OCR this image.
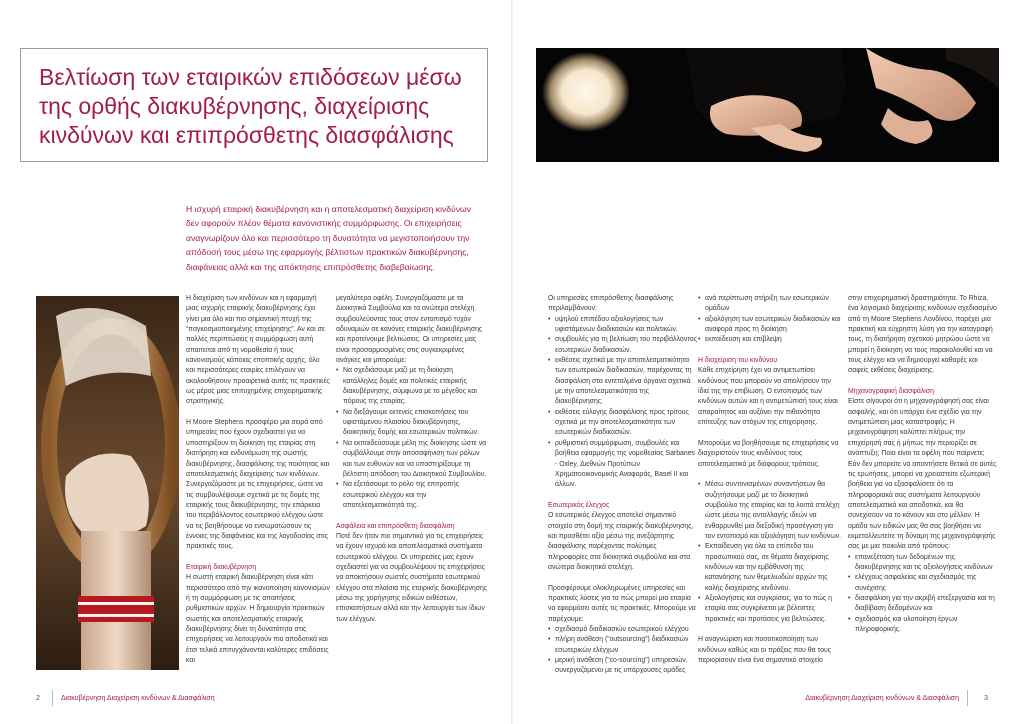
Βελτίωση των εταιρικών επιδόσεων μέσω της ορθής διακυβέρνησης, διαχείρισης κινδύνων και επιπρόσθετης διασφάλισης
Η ισχυρή εταιρική διακυβέρνηση και η αποτελεσματική διαχείριση κινδύνων δεν αφορούν πλέον θέματα κανονιστικής συμμόρφωσης. Οι επιχειρήσεις αναγνωρίζουν όλο και περισσότερο τη δυνατότητα να μεγιστοποιήσουν την απόδοσή τους μέσω της εφαρμογής βέλτιστων πρακτικών διακυβέρνησης, διαφάνειας αλλά και της απόκτησης επιπρόσθετης διαβεβαίωσης.

Η διαχείριση των κινδύνων και η εφαρμογή μιας ισχυρής εταιρικής διακυβέρνησης έχει γίνει μια όλο και πιο σημαντική πτυχή της “παγκοσμιοποιημένης επιχείρησης”. Αν και σε πολλές περιπτώσεις η συμμόρφωση αυτή απαιτείται από τη νομοθεσία ή τους κανονισμούς κάποιας εποπτικής αρχής, όλο και περισσότερες εταιρίες επιλέγουν να ακολουθήσουν προαιρετικά αυτές τις πρακτικές ως μέρος μιας επιτυχημένης επιχειρηματικής στρατηγικής.

Η Moore Stephens προσφέρει μια σειρά από υπηρεσίες που έχουν σχεδιαστεί για να υποστηρίξουν τη διοίκηση της εταιρίας στη διατήρηση και ενδυνάμωση της σωστής διακυβέρνησης, διασφάλισης της ποιότητας και αποτελεσματικής διαχείρισης των κινδύνων. Συνεργαζόμαστε με τις επιχειρήσεις, ώστε να τις συμβουλέψουμε σχετικά με τις δομές της εταιρικής τους διακυβέρνησης, την επάρκεια του περιβάλλοντος εσωτερικού ελέγχου ώστε να τις βοηθήσουμε να ενσωματώσουν τις έννοιες της διαφάνειας και της λογοδοσίας στις πρακτικές τους.

Εταιρική διακυβέρνηση

Η σωστή εταιρική διακυβέρνηση είναι κάτι περισσότερο από την ικανοποίηση κανονισμών ή τη συμμόρφωση με τις απαιτήσεις ρυθμιστικών αρχών. Η δημιουργία πρακτικών σωστής και αποτελεσματικής εταιρικής διακυβέρνησης δίνει τη δυνατότητα στις επιχειρήσεις να λειτουργούν πιο αποδοτικά και έτσι τελικά επιτυγχάνονται καλύτερες επιδόσεις και

μεγαλύτερα οφέλη. Συνεργαζόμαστε με τα Διοικητικά Συμβούλια και τα ανώτερα στελέχη συμβουλεύοντας τους στον εντοπισμό τυχόν αδυναμιών σε κανόνες εταιρικής διακυβέρνησης και προτείνουμε βελτιώσεις. Οι υπηρεσίες μας είναι προσαρμοσμένες στις συγκεκριμένες ανάγκες και μπορούμε:

• Να σχεδιάσουμε μαζί με τη διοίκηση κατάλληλες δομές και πολιτικές εταιρικής διακυβέρνησης, σύμφωνα με το μέγεθος και πόρους της εταιρίας.
• Να διεξάγουμε εκτενείς επισκοπήσεις του υφιστάμενου πλαισίου διακυβέρνησης, διοικητικής δομής και εσωτερικών πολιτικών.
• Να εκπαιδεύσουμε μέλη της διοίκησης ώστε να συμβάλλουμε στην αποσαφήνιση των ρόλων και των ευθυνών και να υποστηρίξουμε τη βέλτιστη απόδοση του Διοικητικού Συμβουλίου.
• Να εξετάσουμε το ρόλο της επιτροπής εσωτερικού ελέγχου και την αποτελεσματικότητά της.

Ασφάλεια και επιπρόσθετη διασφάλιση

Ποτέ δεν ήταν πιο σημαντικό για τις επιχειρήσεις να έχουν ισχυρά και αποτελεσματικά συστήματα εσωτερικού ελέγχου. Οι υπηρεσίες μας έχουν σχεδιαστεί για να συμβουλέψουν τις επιχειρήσεις να αποκτήσουν σωστές συστήματα εσωτερικού ελέγχου στα πλαίσια της εταιρικής διακυβέρνησης μέσω της χορήγησης ειδικών εκθέσεων, επισκοπήσεων αλλά και την λειτουργία των ίδιων των ελέγχων.

Οι υπηρεσίες επιπρόσθετης διασφάλισης περιλαμβάνουν:

• υψηλού επιπέδου αξιολογήσεις των υφιστάμενων διαδικασιών και πολιτικών.
• συμβουλές για τη βελτίωση του περιβάλλοντος εσωτερικών διαδικασιών.
• εκθέσεις σχετικά με την αποτελεσματικότητα των εσωτερικών διαδικασιών, παρέχοντας τη διασφάλιση στα εντεταλμένα όργανα σχετικά με την αποτελεσματικότητα της διακυβέρνησης.
• εκθέσεις εύλογης διασφάλισης προς τρίτους σχετικά με την αποτελεσματικότητα των εσωτερικών διαδικασιών.
• ρυθμιστική συμμόρφωση, συμβουλές και βοήθεια εφαρμογής της νομοθεσίας Sarbanes - Oxley, Διεθνών Προτύπων Χρηματοοικονομικής Αναφοράς, Basel II και άλλων.

Εσωτερικός έλεγχος

Ο εσωτερικός έλεγχος αποτελεί σημαντικό στοιχείο στη δομή της εταιρικής διακυβέρνησης, και προσθέτει αξία μέσω της ανεξάρτητης διασφάλισης παρέχοντας πολύτιμες πληροφορίες στα διοικητικά συμβούλια και στα ανώτερα διοικητικά στελέχη.

Προσφέρουμε ολοκληρωμένες υπηρεσίες και πρακτικές λύσεις για τα πώς μπορεί μια εταιρία να εφαρμόσει αυτές τις πρακτικές. Μπορούμε να παρέχουμε:

• σχεδιασμό διαδικασιών εσωτερικού ελέγχου
• πλήρη ανάθεση (“outsourcing”) διαδικασιών εσωτερικών ελέγχων
• μερική ανάθεση (“co-sourcing”) υπηρεσιών, συνεργαζόμενοι με τις υπάρχουσες ομάδες
• ανά περίπτωση στήριξη των εσωτερικών ομάδων
• αξιολόγηση των εσωτερικών διαδικασιών και αναφορά προς τη διοίκηση
• εκπαίδευση και επίβλεψη

Η διαχείριση του κινδύνου

Κάθε επιχείρηση έχει να αντιμετωπίσει κινδύνους που μπορούν να απειλήσουν την ίδια της την επιβίωση. Ο εντοπισμός των κινδύνων αυτών και η αντιμετώπισή τους είναι απαραίτητος και αυξάνει την πιθανότητα επίτευξης των στόχων της επιχείρησης.

Μπορούμε να βοηθήσουμε τις επιχειρήσεις να διαχειριστούν τους κινδύνους τους αποτελεσματικά με διάφορους τρόπους.

• Μέσω συντονισμένων συναντήσεων θα συζητήσουμε μαζί με το διοικητικό συμβούλιο της εταιρίας και τα λοιπά στελέχη ώστε μέσω της ανταλλαγής ιδεών να ενθαρρυνθεί μια διεξοδική προσέγγιση για τον εντοπισμό και αξιολόγηση των κινδύνων.
• Εκπαίδευση για όλα τα επίπεδα του προσωπικού σας, σε θέματα διαχείρισης κινδύνων και την εμβάθυνση της κατανόησης των θεμελιωδών αρχών της καλής διαχείρισης κινδύνου.
• Αξιολογήσεις και συγκρίσεις, για το πώς η εταιρία σας συγκρίνεται με βέλτιστες πρακτικές και προτάσεις για βελτιώσεις.

Η αναγνώριση και ποσοτικοποίηση των κινδύνων καθώς και οι πράξεις που θα τους περιορίσουν είναι ένα σημαντικό στοιχείο

στην επιχειρηματική δραστηριότητα. Το Rhiza, ένα λογισμικό διαχείρισης κινδύνων σχεδιασμένο από τη Moore Stephens Λονδίνου, παρέχει μια πρακτική και εύχρηστη λύση για την καταγραφή τους, τη διατήρηση σχετικού μητρώου ώστε να μπορεί η διοίκηση να τους παρακολουθεί και να τους ελέγχει και να δημιουργεί καθαρές και σαφείς εκθέσεις διαχείρισης.

Μηχανογραφική διασφάλιση

Είστε σίγουροι ότι η μηχανογράφησή σας είναι ασφαλής, και ότι υπάρχει ένα σχέδιο για την αντιμετώπιση μιας καταστροφής; Η μηχανογράφηση καλύπτει πλήρως την επιχείρησή σας ή μήπως την περιορίζει σε ανάπτυξη; Ποια είναι τα οφέλη που παίρνετε; Εάν δεν μπορείτε να απαντήσετε θετικά σε αυτές τις ερωτήσεις, μπορεί να χρειαστείτε εξωτερική βοήθεια για να εξασφαλίσετε ότι τα πληροφοριακά σας συστήματα λειτουργούν αποτελεσματικά και αποδοτικά, και θα συνεχίσουν να το κάνουν και στο μέλλον. Η ομάδα των ειδικών μας θα σας βοηθήσει να εκμεταλλευτείτε τη δύναμη της μηχανογράφησής σας με μια ποικιλία από τρόπους:

• επανεξέταση των δεδομένων της διακυβέρνησης και τις αξιολογήσεις κινδύνων
• ελέγχους ασφαλείας και σχεδιασμός της συνέχισης
• διασφάλιση για την ακριβή επεξεργασία και τη διαβίβαση δεδομένων και
• σχεδιασμός και υλοποίηση έργων πληροφορικής.
2	Διακυβέρνηση Διαχείριση κινδύνων & Διασφάλιση	Διακυβέρνηση Διαχείριση κινδύνων & Διασφάλιση	3
